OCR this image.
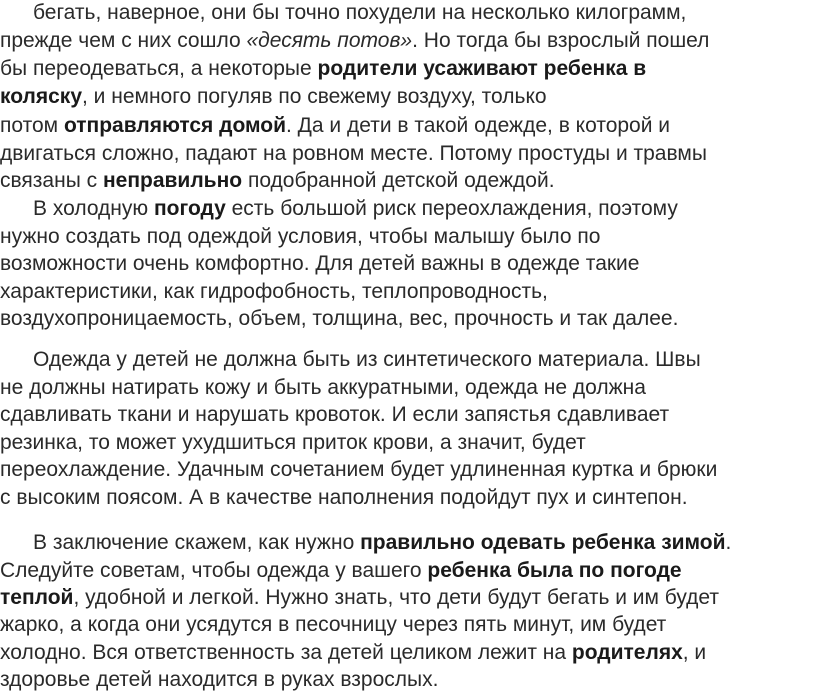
бегать, наверное, они бы точно похудели на несколько килограмм,
прежде чем с них сошло «десять потов». Но тогда бы взрослый пошел
бы переодеваться, а некоторые родители усаживают ребенка в
коляску, и немного погуляв по свежему воздуху, только
потом отправляются домой. Да и дети в такой одежде, в которой и
двигаться сложно, падают на ровном месте. Потому простуды и травмы
связаны с неправильно подобранной детской одеждой.
В холодную погоду есть большой риск переохлаждения, поэтому
нужно создать под одеждой условия, чтобы малышу было по
возможности очень комфортно. Для детей важны в одежде такие
характеристики, как гидрофобность, теплопроводность,
воздухопроницаемость, объем, толщина, вес, прочность и так далее.
Одежда у детей не должна быть из синтетического материала. Швы
не должны натирать кожу и быть аккуратными, одежда не должна
сдавливать ткани и нарушать кровоток. И если запястья сдавливает
резинка, то может ухудшиться приток крови, а значит, будет
переохлаждение. Удачным сочетанием будет удлиненная куртка и брюки
с высоким поясом. А в качестве наполнения подойдут пух и синтепон.
В заключение скажем, как нужно правильно одевать ребенка зимой.
Следуйте советам, чтобы одежда у вашего ребенка была по погоде
теплой, удобной и легкой. Нужно знать, что дети будут бегать и им будет
жарко, а когда они усядутся в песочницу через пять минут, им будет
холодно. Вся ответственность за детей целиком лежит на родителях, и
здоровье детей находится в руках взрослых.
